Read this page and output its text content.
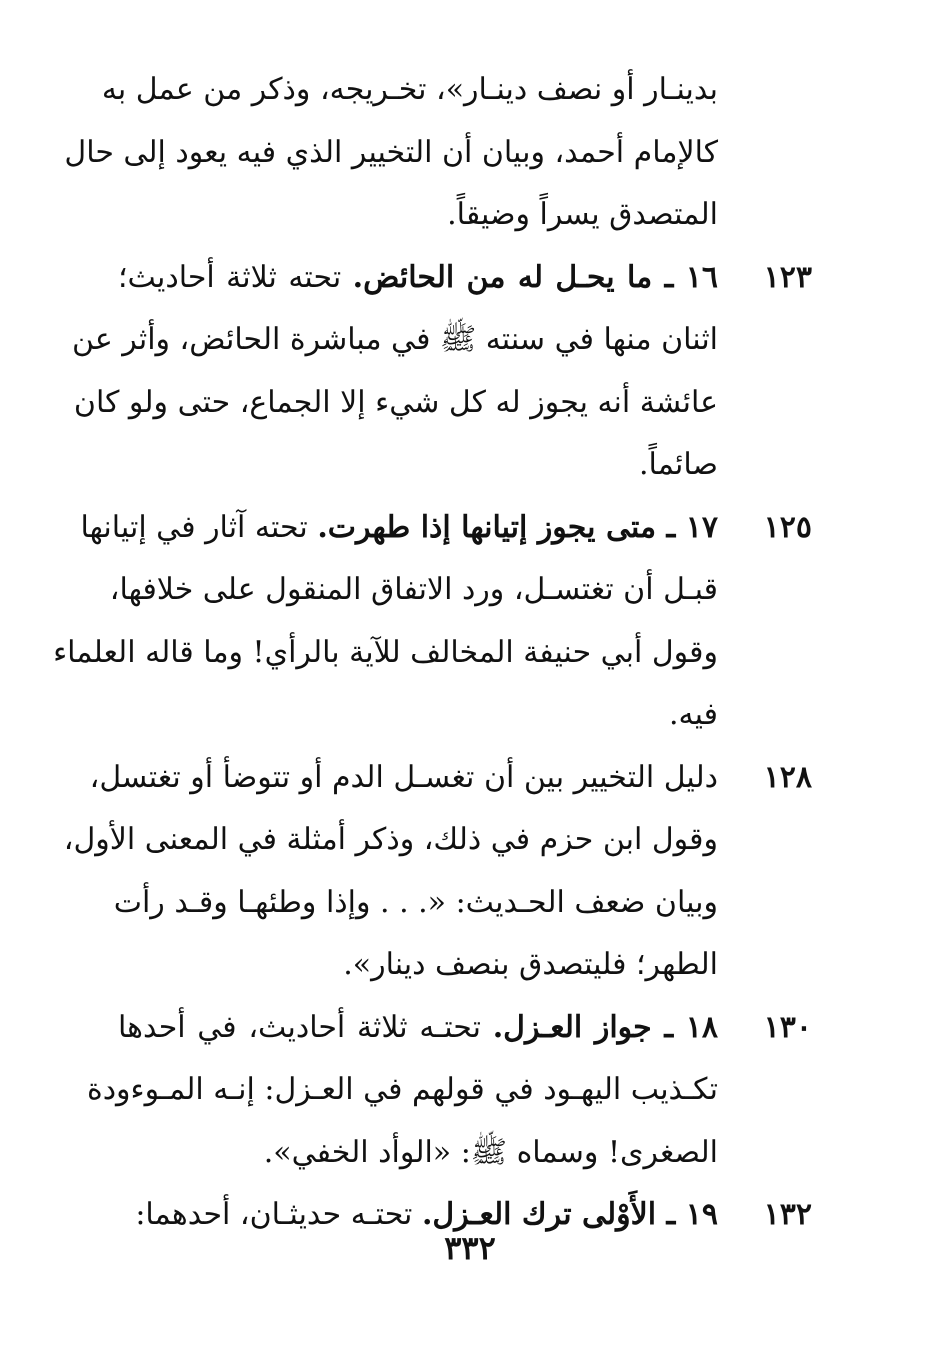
بدينـار أو نصف دينـار»، تخـريجه، وذكر من عمل به
كالإمام أحمد، وبيان أن التخيير الذي فيه يعود إلى حال
المتصدق يسراً وضيقاً.
١٦ ـ ما يحـل له من الحائض. تحته ثلاثة أحاديث؛	١٢٣
اثنان منها في سنته ﷺ في مباشرة الحائض، وأثر عن
عائشة أنه يجوز له كل شيء إلا الجماع، حتى ولو كان
صائماً.
١٧ ـ متى يجوز إتيانها إذا طهرت. تحته آثار في إتيانها	١٢٥
قبـل أن تغتسـل، ورد الاتفاق المنقول على خلافها،
وقول أبي حنيفة المخالف للآية بالرأي! وما قاله العلماء
فيه.
دليل التخيير بين أن تغسـل الدم أو تتوضأ أو تغتسل،	١٢٨
وقول ابن حزم في ذلك، وذكر أمثلة في المعنى الأول،
وبيان ضعف الحـديث: «. . . وإذا وطئهـا وقـد رأت
الطهر؛ فليتصدق بنصف دينار».
١٨ ـ جواز العـزل. تحتـه ثلاثة أحاديث، في أحدها	١٣٠
تكـذيب اليهـود في قولهم في العـزل: إنـه المـوءودة
الصغرى! وسماه ﷺ: «الوأد الخفي».
١٩ ـ الأَوْلى ترك العـزل. تحتـه حديثـان، أحدهما:	١٣٢
٣٣٢
